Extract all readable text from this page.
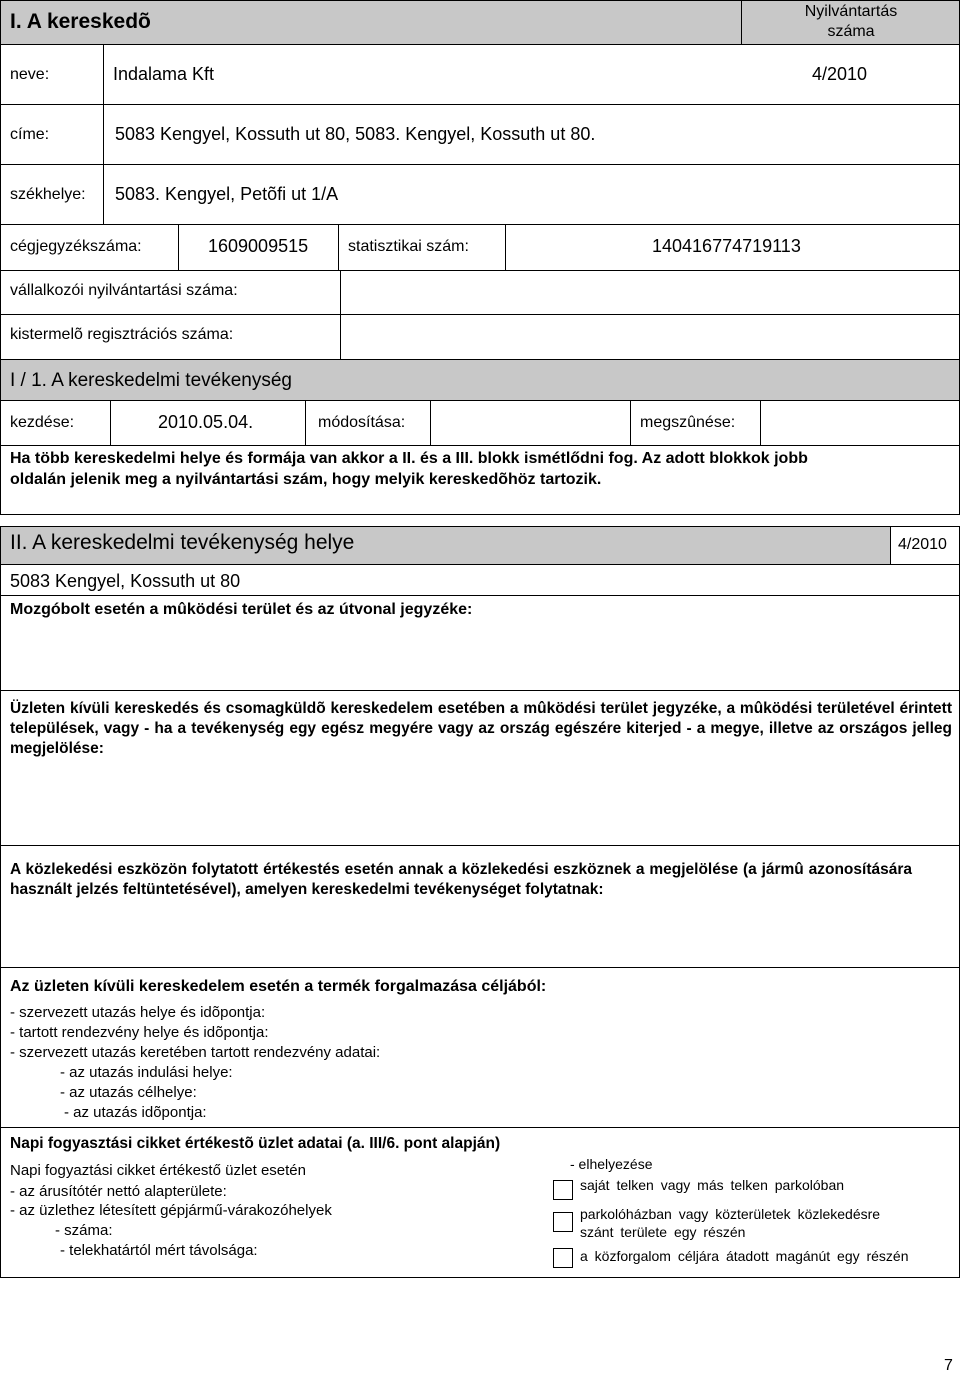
I. A kereskedõ	Nyilvántartás
száma
neve:	Indalama Kft	4/2010
címe:	5083 Kengyel, Kossuth ut 80, 5083. Kengyel, Kossuth ut 80.
székhelye: 5083. Kengyel, Petõfi ut 1/A
cégjegyzékszáma:	1609009515 statisztikai szám:	140416774719113
vállalkozói nyilvántartási száma:
kistermelõ regisztrációs száma:
I / 1. A kereskedelmi tevékenység
kezdése:	2010.05.04.	módosítása:	megszûnése:
Ha több kereskedelmi helye és formája van akkor a II. és a III. blokk ismétlődni fog. Az adott blokkok jobb oldalán jelenik meg a nyilvántartási szám, hogy melyik kereskedõhöz tartozik.
II. A kereskedelmi tevékenység helye	4/2010
5083 Kengyel, Kossuth ut 80
Mozgóbolt esetén a mûködési terület és az útvonal jegyzéke:
Üzleten kívüli kereskedés és csomagküldõ kereskedelem esetében a mûködési terület jegyzéke, a mûködési területével érintett települések, vagy - ha a tevékenység egy egész megyére vagy az ország egészére kiterjed - a megye, illetve az országos jelleg megjelölése:
A közlekedési eszközön folytatott értékestés esetén annak a közlekedési eszköznek a megjelölése (a jármû azonosítására használt jelzés feltüntetésével), amelyen kereskedelmi tevékenységet folytatnak:
Az üzleten kívüli kereskedelem esetén a termék forgalmazása céljából:
- szervezett utazás helye és idõpontja:
- tartott rendezvény helye és idõpontja:
- szervezett utazás keretében tartott rendezvény adatai:
- az utazás indulási helye:
- az utazás célhelye:
- az utazás idõpontja:
Napi fogyasztási cikket értékestõ üzlet adatai (a. III/6. pont alapján)
Napi fogyaztási cikket értékestő üzlet esetén
- az árusítótér nettó alapterülete:
- az üzlethez létesített gépjármű-várakozóhelyek
- száma:
- telekhatártól mért távolsága:
- elhelyezése
saját telken vagy más telken parkolóban
parkolóházban vagy közterületek közlekedésre
szánt területe egy részén
a közforgalom céljára átadott magánút egy részén
7
